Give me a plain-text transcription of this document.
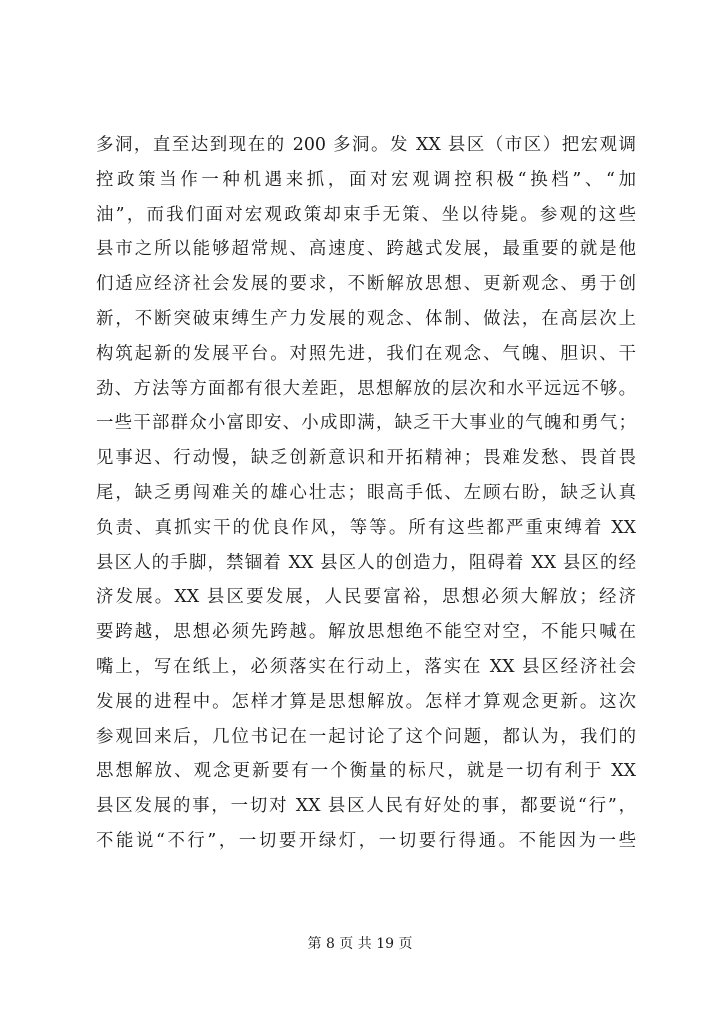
多洞，直至达到现在的 200 多洞。发 XX 县区（市区）把宏观调
控政策当作一种机遇来抓，面对宏观调控积极“换档”、“加
油”，而我们面对宏观政策却束手无策、坐以待毙。参观的这些
县市之所以能够超常规、高速度、跨越式发展，最重要的就是他
们适应经济社会发展的要求，不断解放思想、更新观念、勇于创
新，不断突破束缚生产力发展的观念、体制、做法，在高层次上
构筑起新的发展平台。对照先进，我们在观念、气魄、胆识、干
劲、方法等方面都有很大差距，思想解放的层次和水平远远不够。
一些干部群众小富即安、小成即满，缺乏干大事业的气魄和勇气；
见事迟、行动慢，缺乏创新意识和开拓精神；畏难发愁、畏首畏
尾，缺乏勇闯难关的雄心壮志；眼高手低、左顾右盼，缺乏认真
负责、真抓实干的优良作风，等等。所有这些都严重束缚着 XX
县区人的手脚，禁锢着 XX 县区人的创造力，阻碍着 XX 县区的经
济发展。XX 县区要发展，人民要富裕，思想必须大解放；经济
要跨越，思想必须先跨越。解放思想绝不能空对空，不能只喊在
嘴上，写在纸上，必须落实在行动上，落实在 XX 县区经济社会
发展的进程中。怎样才算是思想解放。怎样才算观念更新。这次
参观回来后，几位书记在一起讨论了这个问题，都认为，我们的
思想解放、观念更新要有一个衡量的标尺，就是一切有利于 XX
县区发展的事，一切对 XX 县区人民有好处的事，都要说“行”，
不能说“不行”，一切要开绿灯，一切要行得通。不能因为一些
第 8 页 共 19 页
